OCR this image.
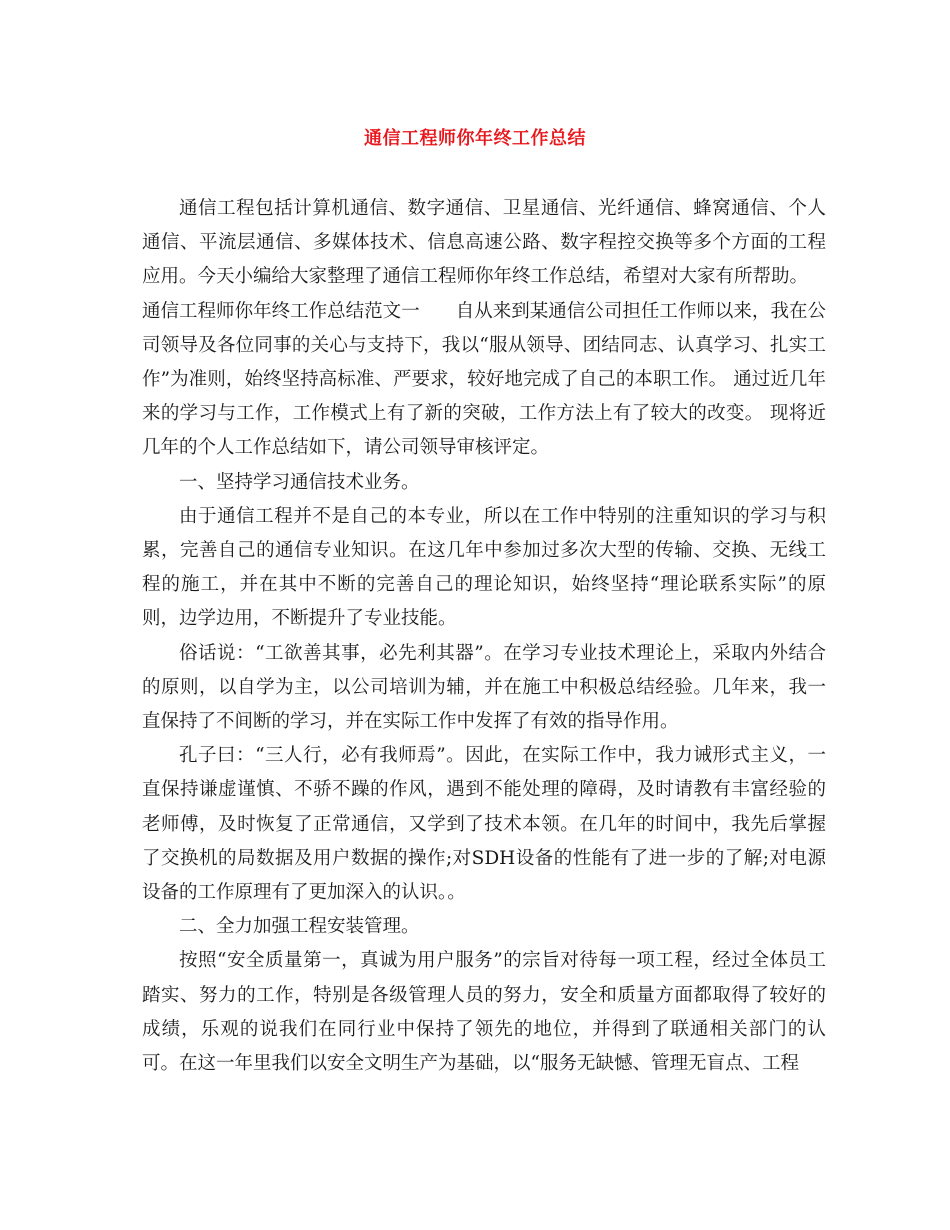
通信工程师你年终工作总结

通信工程包括计算机通信、数字通信、卫星通信、光纤通信、蜂窝通信、个人通信、平流层通信、多媒体技术、信息高速公路、数字程控交换等多个方面的工程应用。今天小编给大家整理了通信工程师你年终工作总结，希望对大家有所帮助。

通信工程师你年终工作总结范文一 自从来到某通信公司担任工作师以来，我在公司领导及各位同事的关心与支持下，我以“服从领导、团结同志、认真学习、扎实工作”为准则，始终坚持高标准、严要求，较好地完成了自己的本职工作。 通过近几年来的学习与工作，工作模式上有了新的突破，工作方法上有了较大的改变。 现将近几年的个人工作总结如下，请公司领导审核评定。

一、坚持学习通信技术业务。

由于通信工程并不是自己的本专业，所以在工作中特别的注重知识的学习与积累，完善自己的通信专业知识。在这几年中参加过多次大型的传输、交换、无线工程的施工，并在其中不断的完善自己的理论知识，始终坚持“理论联系实际”的原则，边学边用，不断提升了专业技能。

俗话说：“工欲善其事，必先利其器”。在学习专业技术理论上，采取内外结合的原则，以自学为主，以公司培训为辅，并在施工中积极总结经验。几年来，我一直保持了不间断的学习，并在实际工作中发挥了有效的指导作用。

孔子曰：“三人行，必有我师焉”。因此，在实际工作中，我力诫形式主义，一直保持谦虚谨慎、不骄不躁的作风，遇到不能处理的障碍，及时请教有丰富经验的老师傅，及时恢复了正常通信，又学到了技术本领。在几年的时间中，我先后掌握了交换机的局数据及用户数据的操作;对SDH设备的性能有了进一步的了解;对电源设备的工作原理有了更加深入的认识。。

二、全力加强工程安装管理。

按照“安全质量第一，真诚为用户服务”的宗旨对待每一项工程，经过全体员工踏实、努力的工作，特别是各级管理人员的努力，安全和质量方面都取得了较好的成绩，乐观的说我们在同行业中保持了领先的地位，并得到了联通相关部门的认可。在这一年里我们以安全文明生产为基础，以“服务无缺憾、管理无盲点、工程
